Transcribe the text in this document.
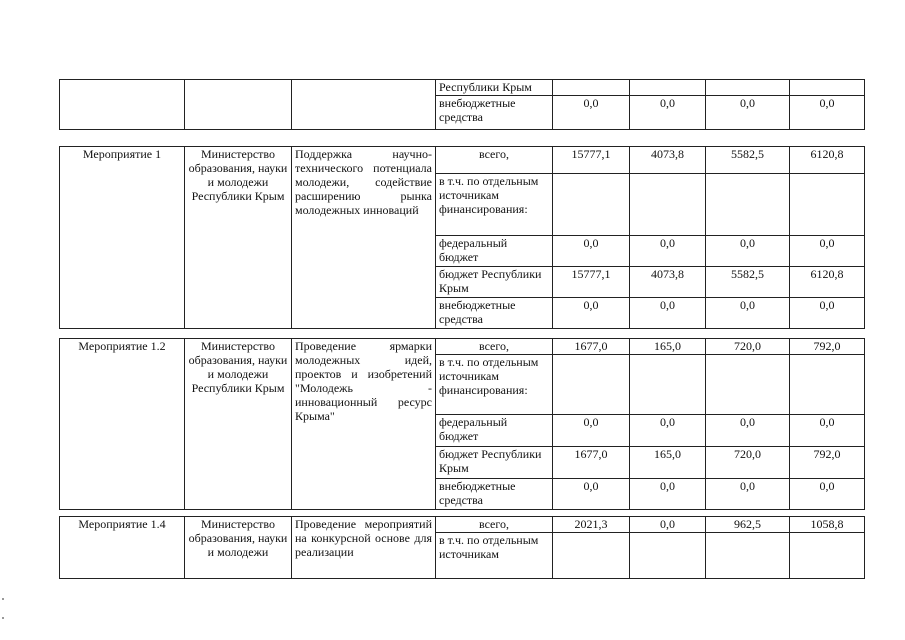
			Республики Крым				
			внебюджетные средства	0,0	0,0	0,0	0,0
Мероприятие 1	Министерство образования, науки и молодежи Республики Крым	Поддержка научно-технического потенциала молодежи, содействие расширению рынка молодежных инноваций	всего,	15777,1	4073,8	5582,5	6120,8
			в т.ч. по отдельным источникам финансирования:				
			федеральный бюджет	0,0	0,0	0,0	0,0
			бюджет Республики Крым	15777,1	4073,8	5582,5	6120,8
			внебюджетные средства	0,0	0,0	0,0	0,0
Мероприятие 1.2	Министерство образования, науки и молодежи Республики Крым	Проведение ярмарки молодежных идей, проектов и изобретений "Молодежь - инновационный ресурс Крыма"	всего,	1677,0	165,0	720,0	792,0
			в т.ч. по отдельным источникам финансирования:				
			федеральный бюджет	0,0	0,0	0,0	0,0
			бюджет Республики Крым	1677,0	165,0	720,0	792,0
			внебюджетные средства	0,0	0,0	0,0	0,0
Мероприятие 1.4	Министерство образования, науки и молодежи	Проведение мероприятий на конкурсной основе для реализации	всего,	2021,3	0,0	962,5	1058,8
			в т.ч. по отдельным источникам				
